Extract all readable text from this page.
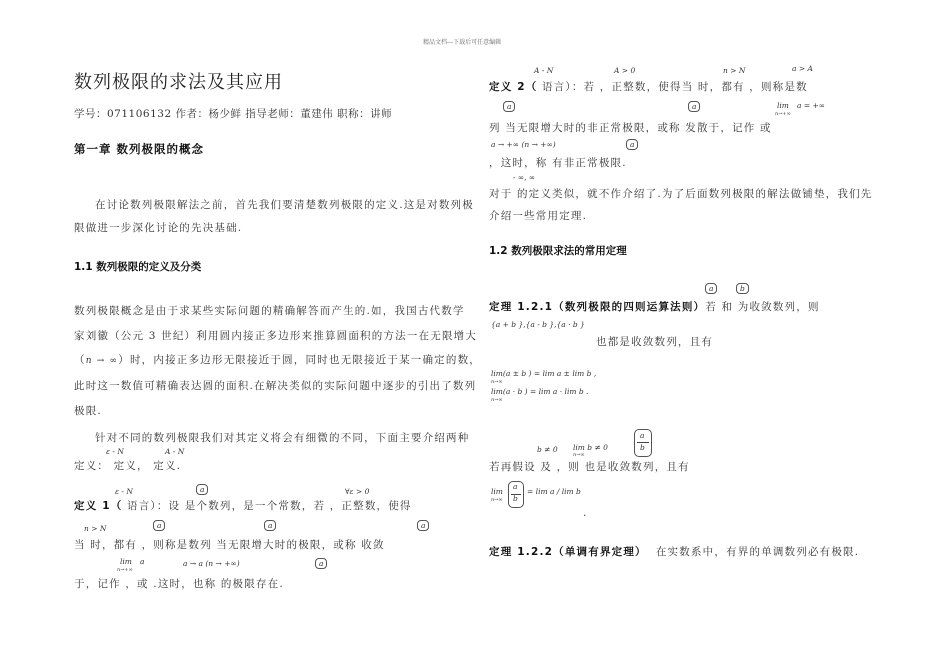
精品文档---下载后可任意编辑
数列极限的求法及其应用
学号：071106132 作者：杨少鲜 指导老师：董建伟 职称：讲师
第一章 数列极限的概念
在讨论数列极限解法之前，首先我们要清楚数列极限的定义.这是对数列极
限做进一步深化讨论的先决基础.
1.1 数列极限的定义及分类
数列极限概念是由于求某些实际问题的精确解答而产生的.如，我国古代数学
家刘徽（公元 3 世纪）利用圆内接正多边形来推算圆面积的方法一在无限增大
（n → ∞）时，内接正多边形无限接近于圆，同时也无限接近于某一确定的数，
此时这一数值可精确表达圆的面积.在解决类似的实际问题中逐步的引出了数列
极限.
针对不同的数列极限我们对其定义将会有细微的不同，下面主要介绍两种
ε - N	A - N
定义： 定义， 定义.
ε - N	a	∀ε > 0
定义 1（ 语言）：设 是个数列，是一个常数，若 ，正整数，使得
n > N	a	a	a
当 时，都有 ，则称是数列 当无限增大时的极限，或称 收敛
lim a
n→+∞
a → a (n → +∞)	a
于，记作 ，或 .这时，也称 的极限存在.
A - N	A > 0	n > N	a > A
定义 2（ 语言）：若 ，正整数，使得当 时，都有 ，则称是数
a	a	lim a = +∞
n→+∞
列 当无限增大时的非正常极限，或称 发散于，记作 或
a → +∞ (n → +∞)	a
，这时，称 有非正常极限.
- ∞, ∞
对于 的定义类似，就不作介绍了.为了后面数列极限的解法做铺垫，我们先
介绍一些常用定理.
1.2 数列极限求法的常用定理
a	b
定理 1.2.1（数列极限的四则运算法则）若 和 为收敛数列，则
{a + b },{a - b },{a · b }
也都是收敛数列，且有
lim(a ± b ) = lim a ± lim b ,
n→∞
lim(a · b ) = lim a · lim b .
n→∞
b ≠ 0 lim b ≠ 0
n→∞
a
b
若再假设 及 ，则 也是收敛数列，且有
lim
n→∞
a
b
= lim a / lim b
.
定理 1.2.2（单调有界定理） 在实数系中，有界的单调数列必有极限.
